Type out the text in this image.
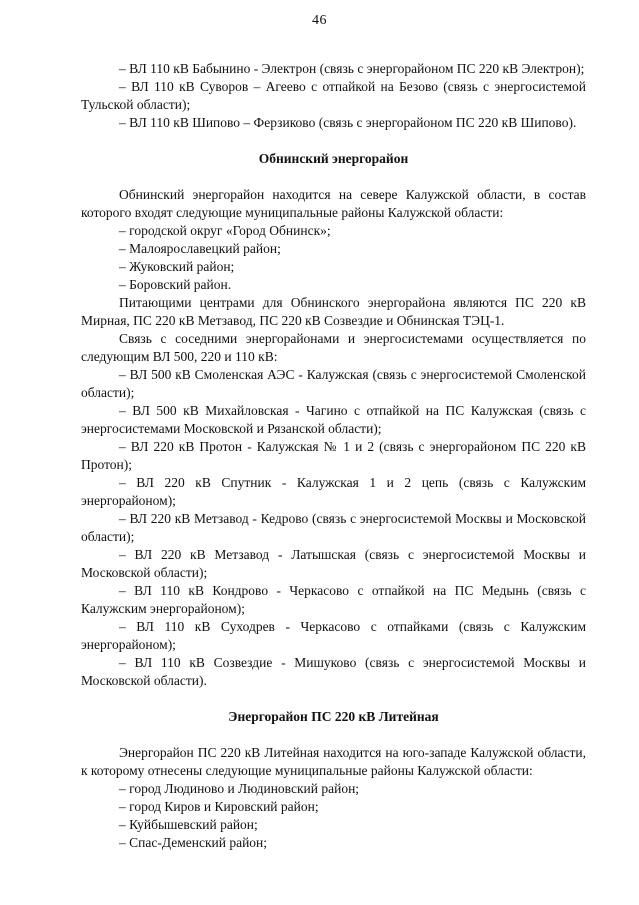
46

– ВЛ 110 кВ Бабынино - Электрон (связь с энергорайоном ПС 220 кВ Электрон);

– ВЛ 110 кВ Суворов – Агеево с отпайкой на Безово (связь с энергосистемой Тульской области);

– ВЛ 110 кВ Шипово – Ферзиково (связь с энергорайоном ПС 220 кВ Шипово).

Обнинский энергорайон

Обнинский энергорайон находится на севере Калужской области, в состав которого входят следующие муниципальные районы Калужской области:

– городской округ «Город Обнинск»;

– Малоярославецкий район;

– Жуковский район;

– Боровский район.

Питающими центрами для Обнинского энергорайона являются ПС 220 кВ Мирная, ПС 220 кВ Метзавод, ПС 220 кВ Созвездие и Обнинская ТЭЦ-1.

Связь с соседними энергорайонами и энергосистемами осуществляется по следующим ВЛ 500, 220 и 110 кВ:

– ВЛ 500 кВ Смоленская АЭС - Калужская (связь с энергосистемой Смоленской области);

– ВЛ 500 кВ Михайловская - Чагино с отпайкой на ПС Калужская (связь с энергосистемами Московской и Рязанской области);

– ВЛ 220 кВ Протон - Калужская № 1 и 2 (связь с энергорайоном ПС 220 кВ Протон);

– ВЛ 220 кВ Спутник - Калужская 1 и 2 цепь (связь с Калужским энергорайоном);

– ВЛ 220 кВ Метзавод - Кедрово (связь с энергосистемой Москвы и Московской области);

– ВЛ 220 кВ Метзавод - Латышская (связь с энергосистемой Москвы и Московской области);

– ВЛ 110 кВ Кондрово - Черкасово с отпайкой на ПС Медынь (связь с Калужским энергорайоном);

– ВЛ 110 кВ Суходрев - Черкасово с отпайками (связь с Калужским энергорайоном);

– ВЛ 110 кВ Созвездие - Мишуково (связь с энергосистемой Москвы и Московской области).

Энергорайон ПС 220 кВ Литейная

Энергорайон ПС 220 кВ Литейная находится на юго-западе Калужской области, к которому отнесены следующие муниципальные районы Калужской области:

– город Людиново и Людиновский район;

– город Киров и Кировский район;

– Куйбышевский район;

– Спас-Деменский район;
